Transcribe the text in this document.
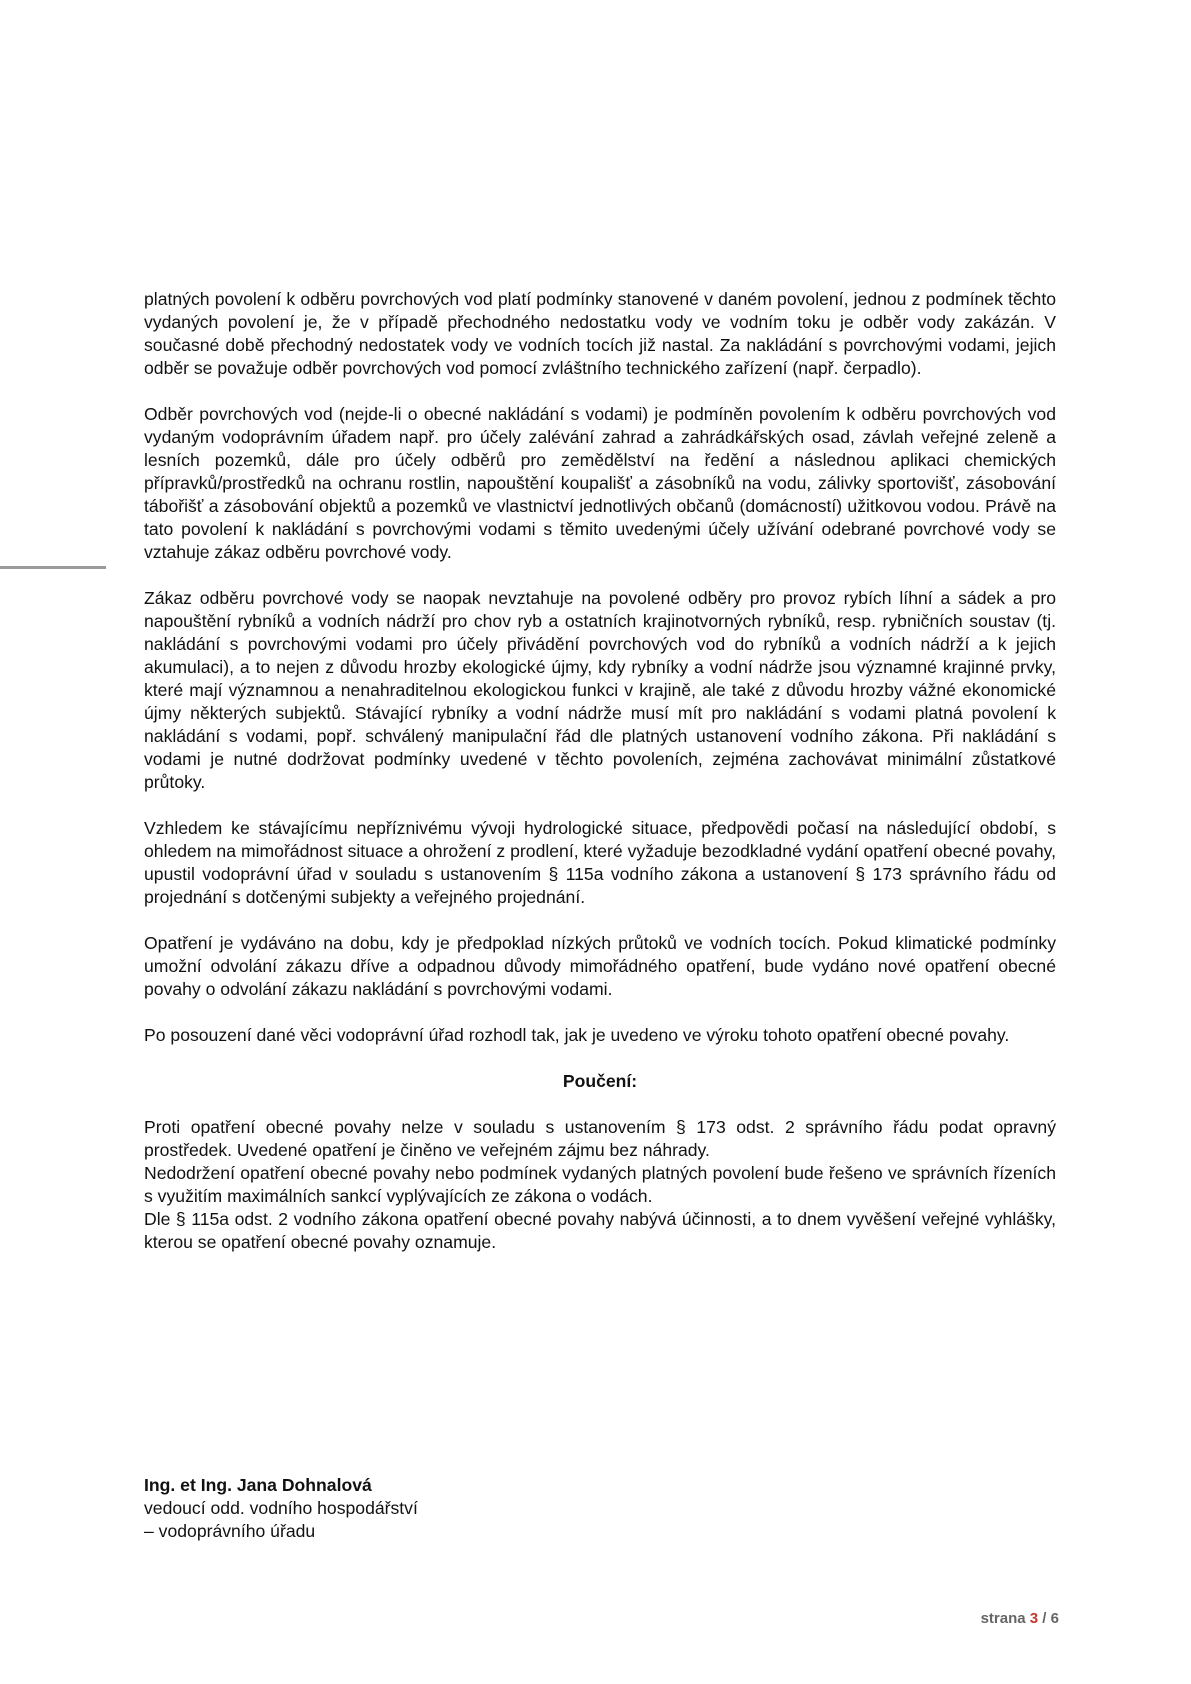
platných povolení k odběru povrchových vod platí podmínky stanovené v daném povolení, jednou z podmínek těchto vydaných povolení je, že v případě přechodného nedostatku vody ve vodním toku je odběr vody zakázán. V současné době přechodný nedostatek vody ve vodních tocích již nastal. Za nakládání s povrchovými vodami, jejich odběr se považuje odběr povrchových vod pomocí zvláštního technického zařízení (např. čerpadlo).

Odběr povrchových vod (nejde-li o obecné nakládání s vodami) je podmíněn povolením k odběru povrchových vod vydaným vodoprávním úřadem např. pro účely zalévání zahrad a zahrádkářských osad, závlah veřejné zeleně a lesních pozemků, dále pro účely odběrů pro zemědělství na ředění a následnou aplikaci chemických přípravků/prostředků na ochranu rostlin, napouštění koupališť a zásobníků na vodu, zálivky sportovišť, zásobování tábořišť a zásobování objektů a pozemků ve vlastnictví jednotlivých občanů (domácností) užitkovou vodou. Právě na tato povolení k nakládání s povrchovými vodami s těmito uvedenými účely užívání odebrané povrchové vody se vztahuje zákaz odběru povrchové vody.

Zákaz odběru povrchové vody se naopak nevztahuje na povolené odběry pro provoz rybích líhní a sádek a pro napouštění rybníků a vodních nádrží pro chov ryb a ostatních krajinotvorných rybníků, resp. rybničních soustav (tj. nakládání s povrchovými vodami pro účely přivádění povrchových vod do rybníků a vodních nádrží a k jejich akumulaci), a to nejen z důvodu hrozby ekologické újmy, kdy rybníky a vodní nádrže jsou významné krajinné prvky, které mají významnou a nenahraditelnou ekologickou funkci v krajině, ale také z důvodu hrozby vážné ekonomické újmy některých subjektů. Stávající rybníky a vodní nádrže musí mít pro nakládání s vodami platná povolení k nakládání s vodami, popř. schválený manipulační řád dle platných ustanovení vodního zákona. Při nakládání s vodami je nutné dodržovat podmínky uvedené v těchto povoleních, zejména zachovávat minimální zůstatkové průtoky.

Vzhledem ke stávajícímu nepříznivému vývoji hydrologické situace, předpovědi počasí na následující období, s ohledem na mimořádnost situace a ohrožení z prodlení, které vyžaduje bezodkladné vydání opatření obecné povahy, upustil vodoprávní úřad v souladu s ustanovením § 115a vodního zákona a ustanovení § 173 správního řádu od projednání s dotčenými subjekty a veřejného projednání.

Opatření je vydáváno na dobu, kdy je předpoklad nízkých průtoků ve vodních tocích. Pokud klimatické podmínky umožní odvolání zákazu dříve a odpadnou důvody mimořádného opatření, bude vydáno nové opatření obecné povahy o odvolání zákazu nakládání s povrchovými vodami.

Po posouzení dané věci vodoprávní úřad rozhodl tak, jak je uvedeno ve výroku tohoto opatření obecné povahy.

Poučení:

Proti opatření obecné povahy nelze v souladu s ustanovením § 173 odst. 2 správního řádu podat opravný prostředek. Uvedené opatření je činěno ve veřejném zájmu bez náhrady.

Nedodržení opatření obecné povahy nebo podmínek vydaných platných povolení bude řešeno ve správních řízeních s využitím maximálních sankcí vyplývajících ze zákona o vodách.

Dle § 115a odst. 2 vodního zákona opatření obecné povahy nabývá účinnosti, a to dnem vyvěšení veřejné vyhlášky, kterou se opatření obecné povahy oznamuje.

Ing. et Ing. Jana Dohnalová
vedoucí odd. vodního hospodářství
– vodoprávního úřadu
strana 3 / 6
